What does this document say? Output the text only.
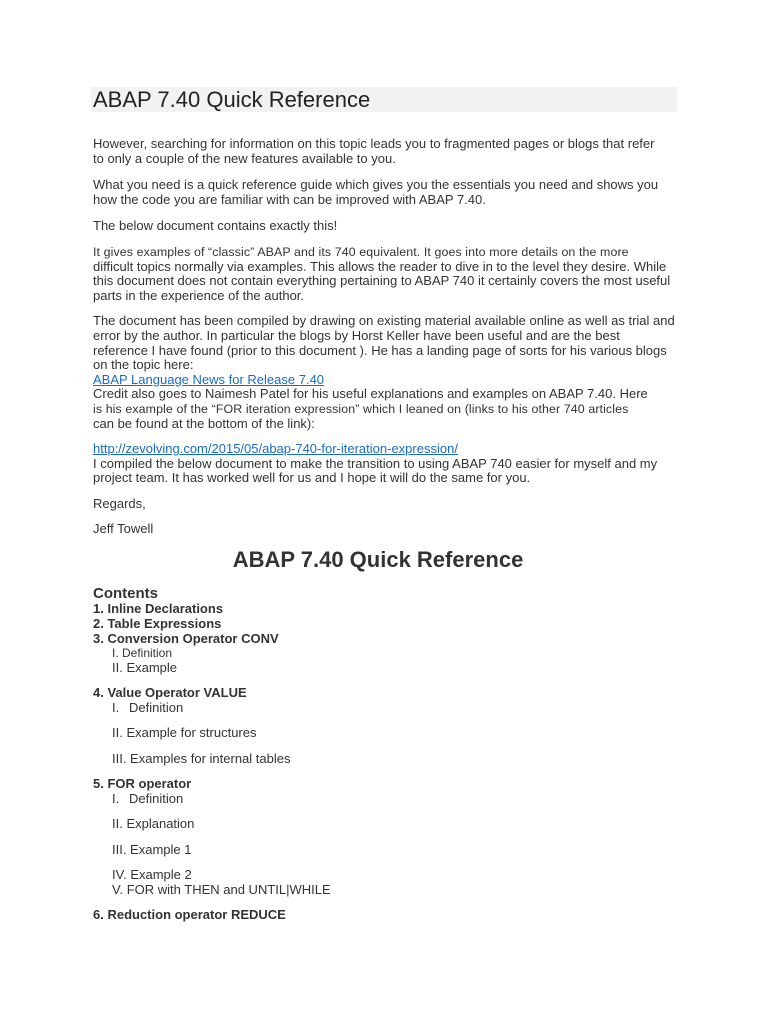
ABAP 7.40 Quick Reference

However, searching for information on this topic leads you to fragmented pages or blogs that refer to only a couple of the new features available to you.

What you need is a quick reference guide which gives you the essentials you need and shows you how the code you are familiar with can be improved with ABAP 7.40.

The below document contains exactly this!

It gives examples of “classic” ABAP and its 740 equivalent. It goes into more details on the more

difficult topics normally via examples. This allows the reader to dive in to the level they desire. While this document does not contain everything pertaining to ABAP 740 it certainly covers the most useful parts in the experience of the author.

The document has been compiled by drawing on existing material available online as well as trial and error by the author. In particular the blogs by Horst Keller have been useful and are the best reference I have found (prior to this document ). He has a landing page of sorts for his various blogs on the topic here:

ABAP Language News for Release 7.40
Credit also goes to Naimesh Patel for his useful explanations and examples on ABAP 7.40. Here
is his example of the “FOR iteration expression” which I leaned on (links to his other 740 articles
can be found at the bottom of the link):
http://zevolving.com/2015/05/abap-740-for-iteration-expression/

I compiled the below document to make the transition to using ABAP 740 easier for myself and my project team. It has worked well for us and I hope it will do the same for you.

Regards,

Jeff Towell

ABAP 7.40 Quick Reference
Contents
1. Inline Declarations
2. Table Expressions
3. Conversion Operator CONV
I. Definition
II. Example
4. Value Operator VALUE
I. Definition
II. Example for structures
III. Examples for internal tables
5. FOR operator
I. Definition
II. Explanation
III. Example 1
IV. Example 2
V. FOR with THEN and UNTIL|WHILE
6. Reduction operator REDUCE
